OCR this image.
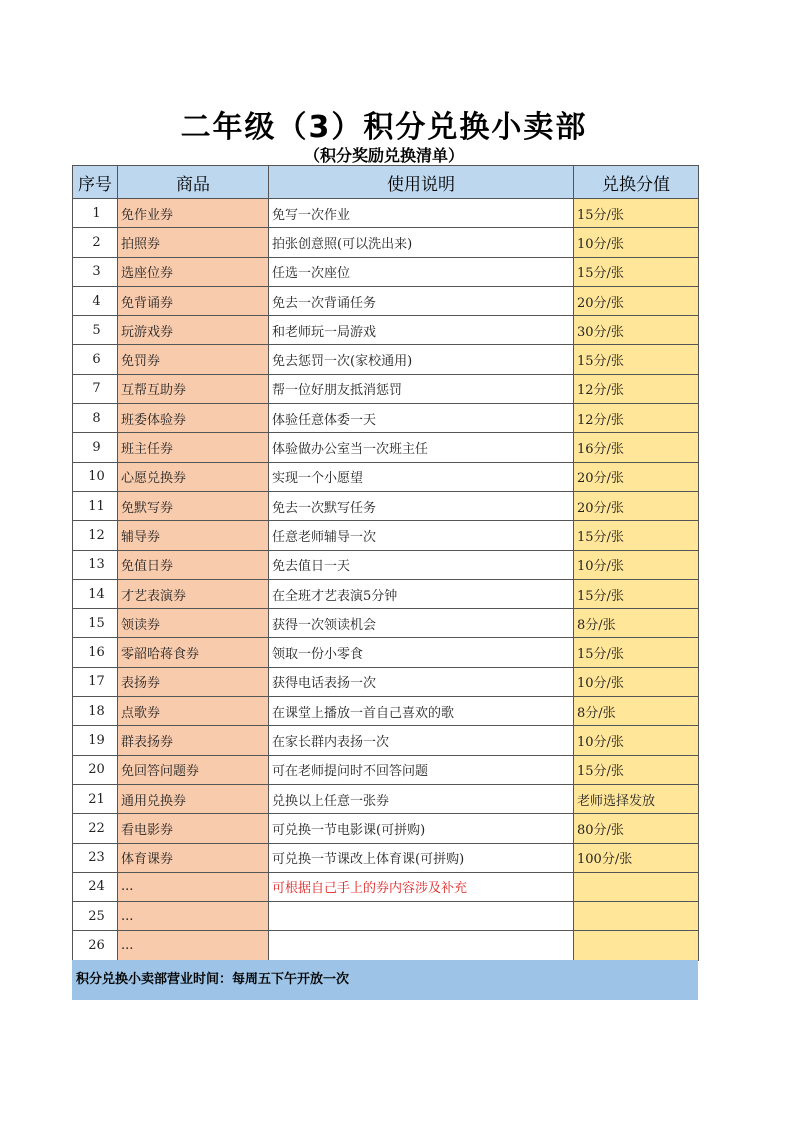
二年级（3）积分兑换小卖部
（积分奖励兑换清单）
序号	商品	使用说明	兑换分值
1	免作业券	免写一次作业	15分/张
2	拍照券	拍张创意照(可以洗出来)	10分/张
3	选座位券	任选一次座位	15分/张
4	免背诵券	免去一次背诵任务	20分/张
5	玩游戏券	和老师玩一局游戏	30分/张
6	免罚券	免去惩罚一次(家校通用)	15分/张
7	互帮互助券	帮一位好朋友抵消惩罚	12分/张
8	班委体验券	体验任意体委一天	12分/张
9	班主任券	体验做办公室当一次班主任	16分/张
10	心愿兑换券	实现一个小愿望	20分/张
11	免默写券	免去一次默写任务	20分/张
12	辅导券	任意老师辅导一次	15分/张
13	免值日券	免去值日一天	10分/张
14	才艺表演券	在全班才艺表演5分钟	15分/张
15	领读券	获得一次领读机会	8分/张
16	零韶哈蒋食券	领取一份小零食	15分/张
17	表扬券	获得电话表扬一次	10分/张
18	点歌券	在课堂上播放一首自己喜欢的歌	8分/张
19	群表扬券	在家长群内表扬一次	10分/张
20	免回答问题券	可在老师提问时不回答问题	15分/张
21	通用兑换券	兑换以上任意一张券	老师选择发放
22	看电影券	可兑换一节电影课(可拼购)	80分/张
23	体育课券	可兑换一节课改上体育课(可拼购)	100分/张
24	...	可根据自己手上的券内容涉及补充	
25	...		
26	...		
积分兑换小卖部营业时间：每周五下午开放一次
